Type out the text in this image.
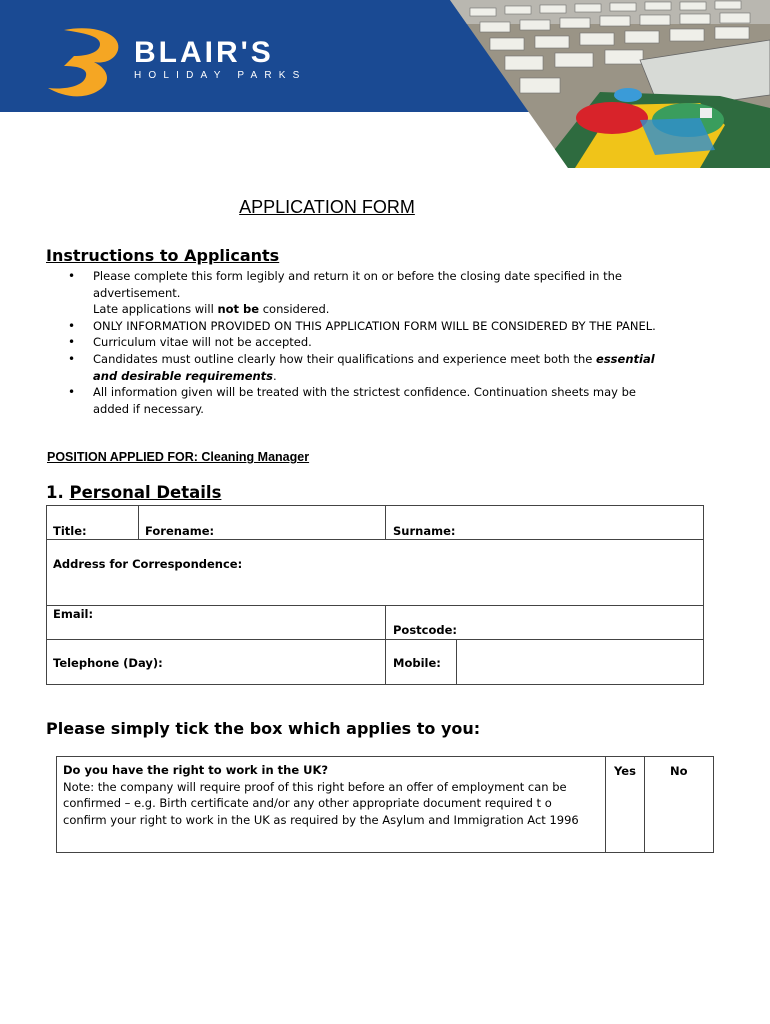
BLAIR'S
HOLIDAY PARKS
APPLICATION FORM
Instructions to Applicants
• Please complete this form legibly and return it on or before the closing date specified in the advertisement.
Late applications will not be considered.
• ONLY INFORMATION PROVIDED ON THIS APPLICATION FORM WILL BE CONSIDERED BY THE PANEL.
• Curriculum vitae will not be accepted.
• Candidates must outline clearly how their qualifications and experience meet both the essential and desirable requirements.
• All information given will be treated with the strictest confidence. Continuation sheets may be added if necessary.
POSITION APPLIED FOR: Cleaning Manager
1. Personal Details
Title:	Forename:	Surname:
Address for Correspondence:
Email:
Postcode:
Telephone (Day):	Mobile:
Please simply tick the box which applies to you:
Do you have the right to work in the UK?
Note: the company will require proof of this right before an offer of employment can be confirmed – e.g. Birth certificate and/or any other appropriate document required t o confirm your right to work in the UK as required by the Asylum and Immigration Act 1996
Yes	No
